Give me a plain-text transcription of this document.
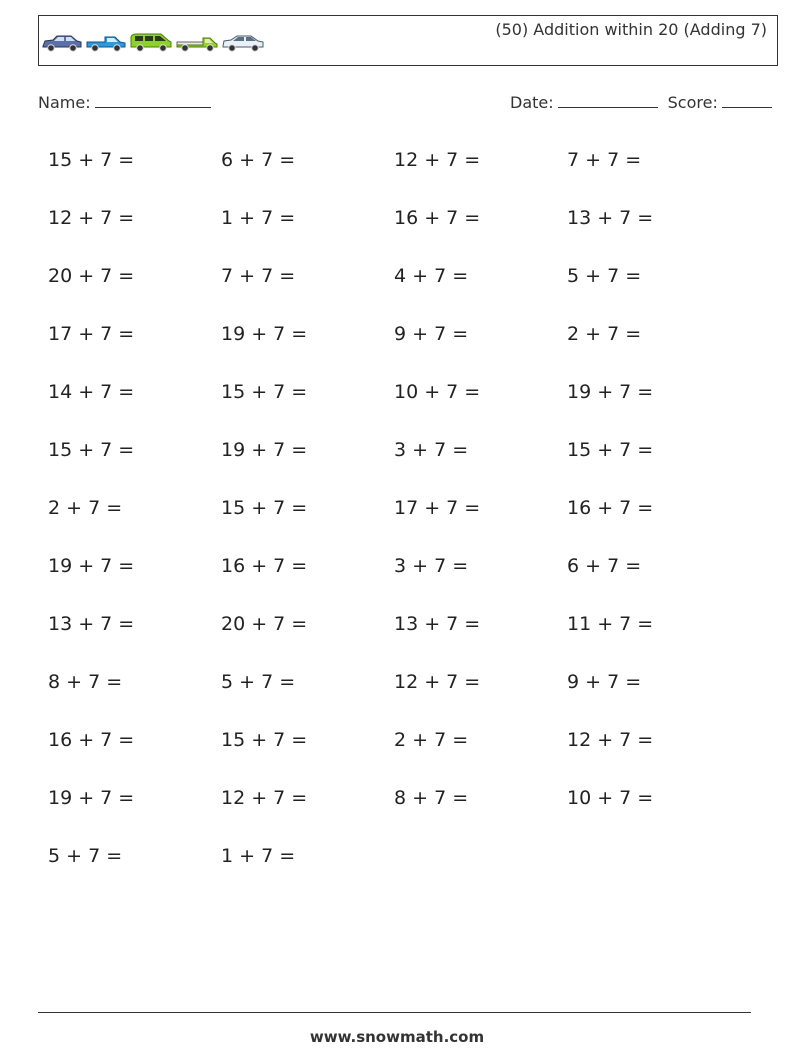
(50) Addition within 20 (Adding 7)
Name:	Date:	Score:
15 + 7 =	6 + 7 =	12 + 7 =	7 + 7 =
12 + 7 =	1 + 7 =	16 + 7 =	13 + 7 =
20 + 7 =	7 + 7 =	4 + 7 =	5 + 7 =
17 + 7 =	19 + 7 =	9 + 7 =	2 + 7 =
14 + 7 =	15 + 7 =	10 + 7 =	19 + 7 =
15 + 7 =	19 + 7 =	3 + 7 =	15 + 7 =
2 + 7 =	15 + 7 =	17 + 7 =	16 + 7 =
19 + 7 =	16 + 7 =	3 + 7 =	6 + 7 =
13 + 7 =	20 + 7 =	13 + 7 =	11 + 7 =
8 + 7 =	5 + 7 =	12 + 7 =	9 + 7 =
16 + 7 =	15 + 7 =	2 + 7 =	12 + 7 =
19 + 7 =	12 + 7 =	8 + 7 =	10 + 7 =
5 + 7 =	1 + 7 =
www.snowmath.com
